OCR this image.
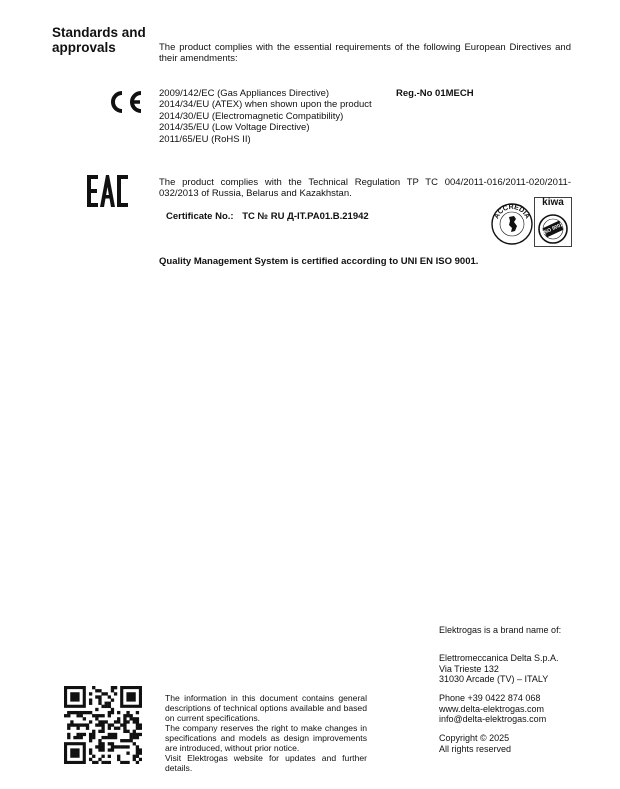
Standards and approvals	The product complies with the essential requirements of the following European Directives and their amendments:
2009/142/EC (Gas Appliances Directive)
2014/34/EU (ATEX) when shown upon the product
2014/30/EU (Electromagnetic Compatibility)
2014/35/EU (Low Voltage Directive)
2011/65/EU (RoHS II)
Reg.-No 01MECH
The product complies with the Technical Regulation TP TC 004/2011-016/2011-020/2011-032/2013 of Russia, Belarus and Kazakhstan.
Certificate No.: TC № RU Д-IT.PA01.B.21942	ACCREDIA
kiwa
ISO 9001
Quality Management System is certified according to UNI EN ISO 9001.
Elektrogas is a brand name of:
Elettromeccanica Delta S.p.A.
Via Trieste 132
31030 Arcade (TV) – ITALY
Phone +39 0422 874 068
www.delta-elektrogas.com
info@delta-elektrogas.com
Copyright © 2025
All rights reserved

The information in this document contains general descriptions of technical options available and based on current specifications.

The company reserves the right to make changes in specifications and models as design improvements are introduced, without prior notice.

Visit Elektrogas website for updates and further details.
